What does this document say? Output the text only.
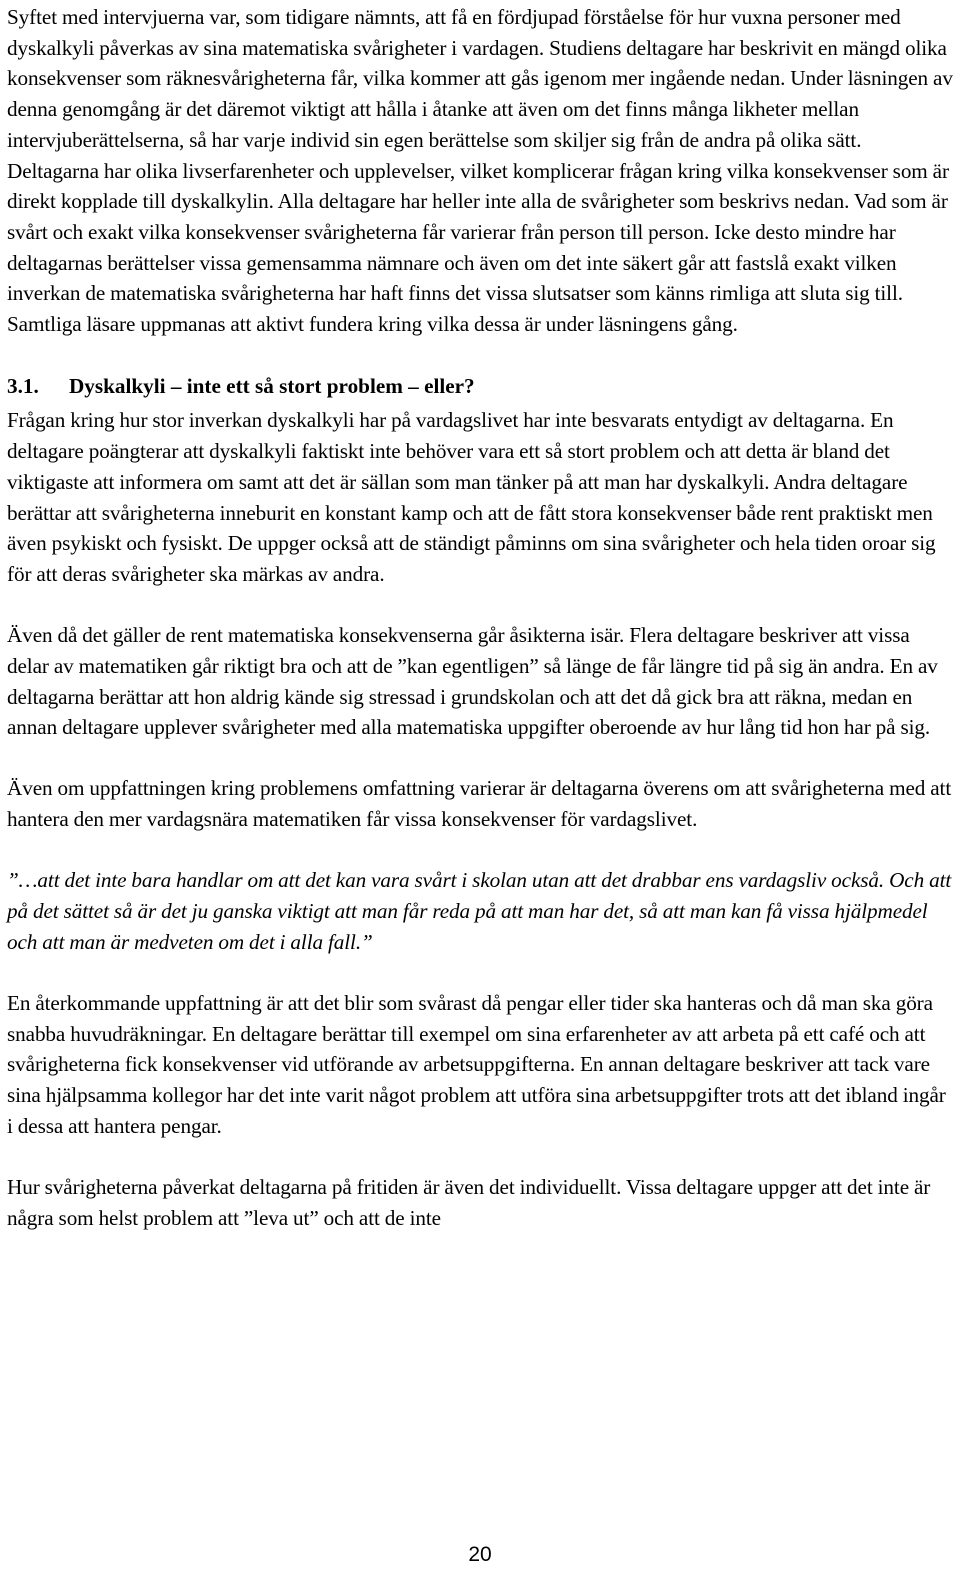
Syftet med intervjuerna var, som tidigare nämnts, att få en fördjupad förståelse för hur vuxna personer med dyskalkyli påverkas av sina matematiska svårigheter i vardagen. Studiens deltagare har beskrivit en mängd olika konsekvenser som räknesvårigheterna får, vilka kommer att gås igenom mer ingående nedan. Under läsningen av denna genomgång är det däremot viktigt att hålla i åtanke att även om det finns många likheter mellan intervjuberättelserna, så har varje individ sin egen berättelse som skiljer sig från de andra på olika sätt. Deltagarna har olika livserfarenheter och upplevelser, vilket komplicerar frågan kring vilka konsekvenser som är direkt kopplade till dyskalkylin. Alla deltagare har heller inte alla de svårigheter som beskrivs nedan. Vad som är svårt och exakt vilka konsekvenser svårigheterna får varierar från person till person. Icke desto mindre har deltagarnas berättelser vissa gemensamma nämnare och även om det inte säkert går att fastslå exakt vilken inverkan de matematiska svårigheterna har haft finns det vissa slutsatser som känns rimliga att sluta sig till. Samtliga läsare uppmanas att aktivt fundera kring vilka dessa är under läsningens gång.

3.1.	Dyskalkyli – inte ett så stort problem – eller?

Frågan kring hur stor inverkan dyskalkyli har på vardagslivet har inte besvarats entydigt av deltagarna. En deltagare poängterar att dyskalkyli faktiskt inte behöver vara ett så stort problem och att detta är bland det viktigaste att informera om samt att det är sällan som man tänker på att man har dyskalkyli. Andra deltagare berättar att svårigheterna inneburit en konstant kamp och att de fått stora konsekvenser både rent praktiskt men även psykiskt och fysiskt. De uppger också att de ständigt påminns om sina svårigheter och hela tiden oroar sig för att deras svårigheter ska märkas av andra.

Även då det gäller de rent matematiska konsekvenserna går åsikterna isär. Flera deltagare beskriver att vissa delar av matematiken går riktigt bra och att de ”kan egentligen” så länge de får längre tid på sig än andra. En av deltagarna berättar att hon aldrig kände sig stressad i grundskolan och att det då gick bra att räkna, medan en annan deltagare upplever svårigheter med alla matematiska uppgifter oberoende av hur lång tid hon har på sig.

Även om uppfattningen kring problemens omfattning varierar är deltagarna överens om att svårigheterna med att hantera den mer vardagsnära matematiken får vissa konsekvenser för vardagslivet.

”…att det inte bara handlar om att det kan vara svårt i skolan utan att det drabbar ens vardagsliv också. Och att på det sättet så är det ju ganska viktigt att man får reda på att man har det, så att man kan få vissa hjälpmedel och att man är medveten om det i alla fall.”

En återkommande uppfattning är att det blir som svårast då pengar eller tider ska hanteras och då man ska göra snabba huvudräkningar. En deltagare berättar till exempel om sina erfarenheter av att arbeta på ett café och att svårigheterna fick konsekvenser vid utförande av arbetsuppgifterna. En annan deltagare beskriver att tack vare sina hjälpsamma kollegor har det inte varit något problem att utföra sina arbetsuppgifter trots att det ibland ingår i dessa att hantera pengar.

Hur svårigheterna påverkat deltagarna på fritiden är även det individuellt. Vissa deltagare uppger att det inte är några som helst problem att ”leva ut” och att de inte

20
